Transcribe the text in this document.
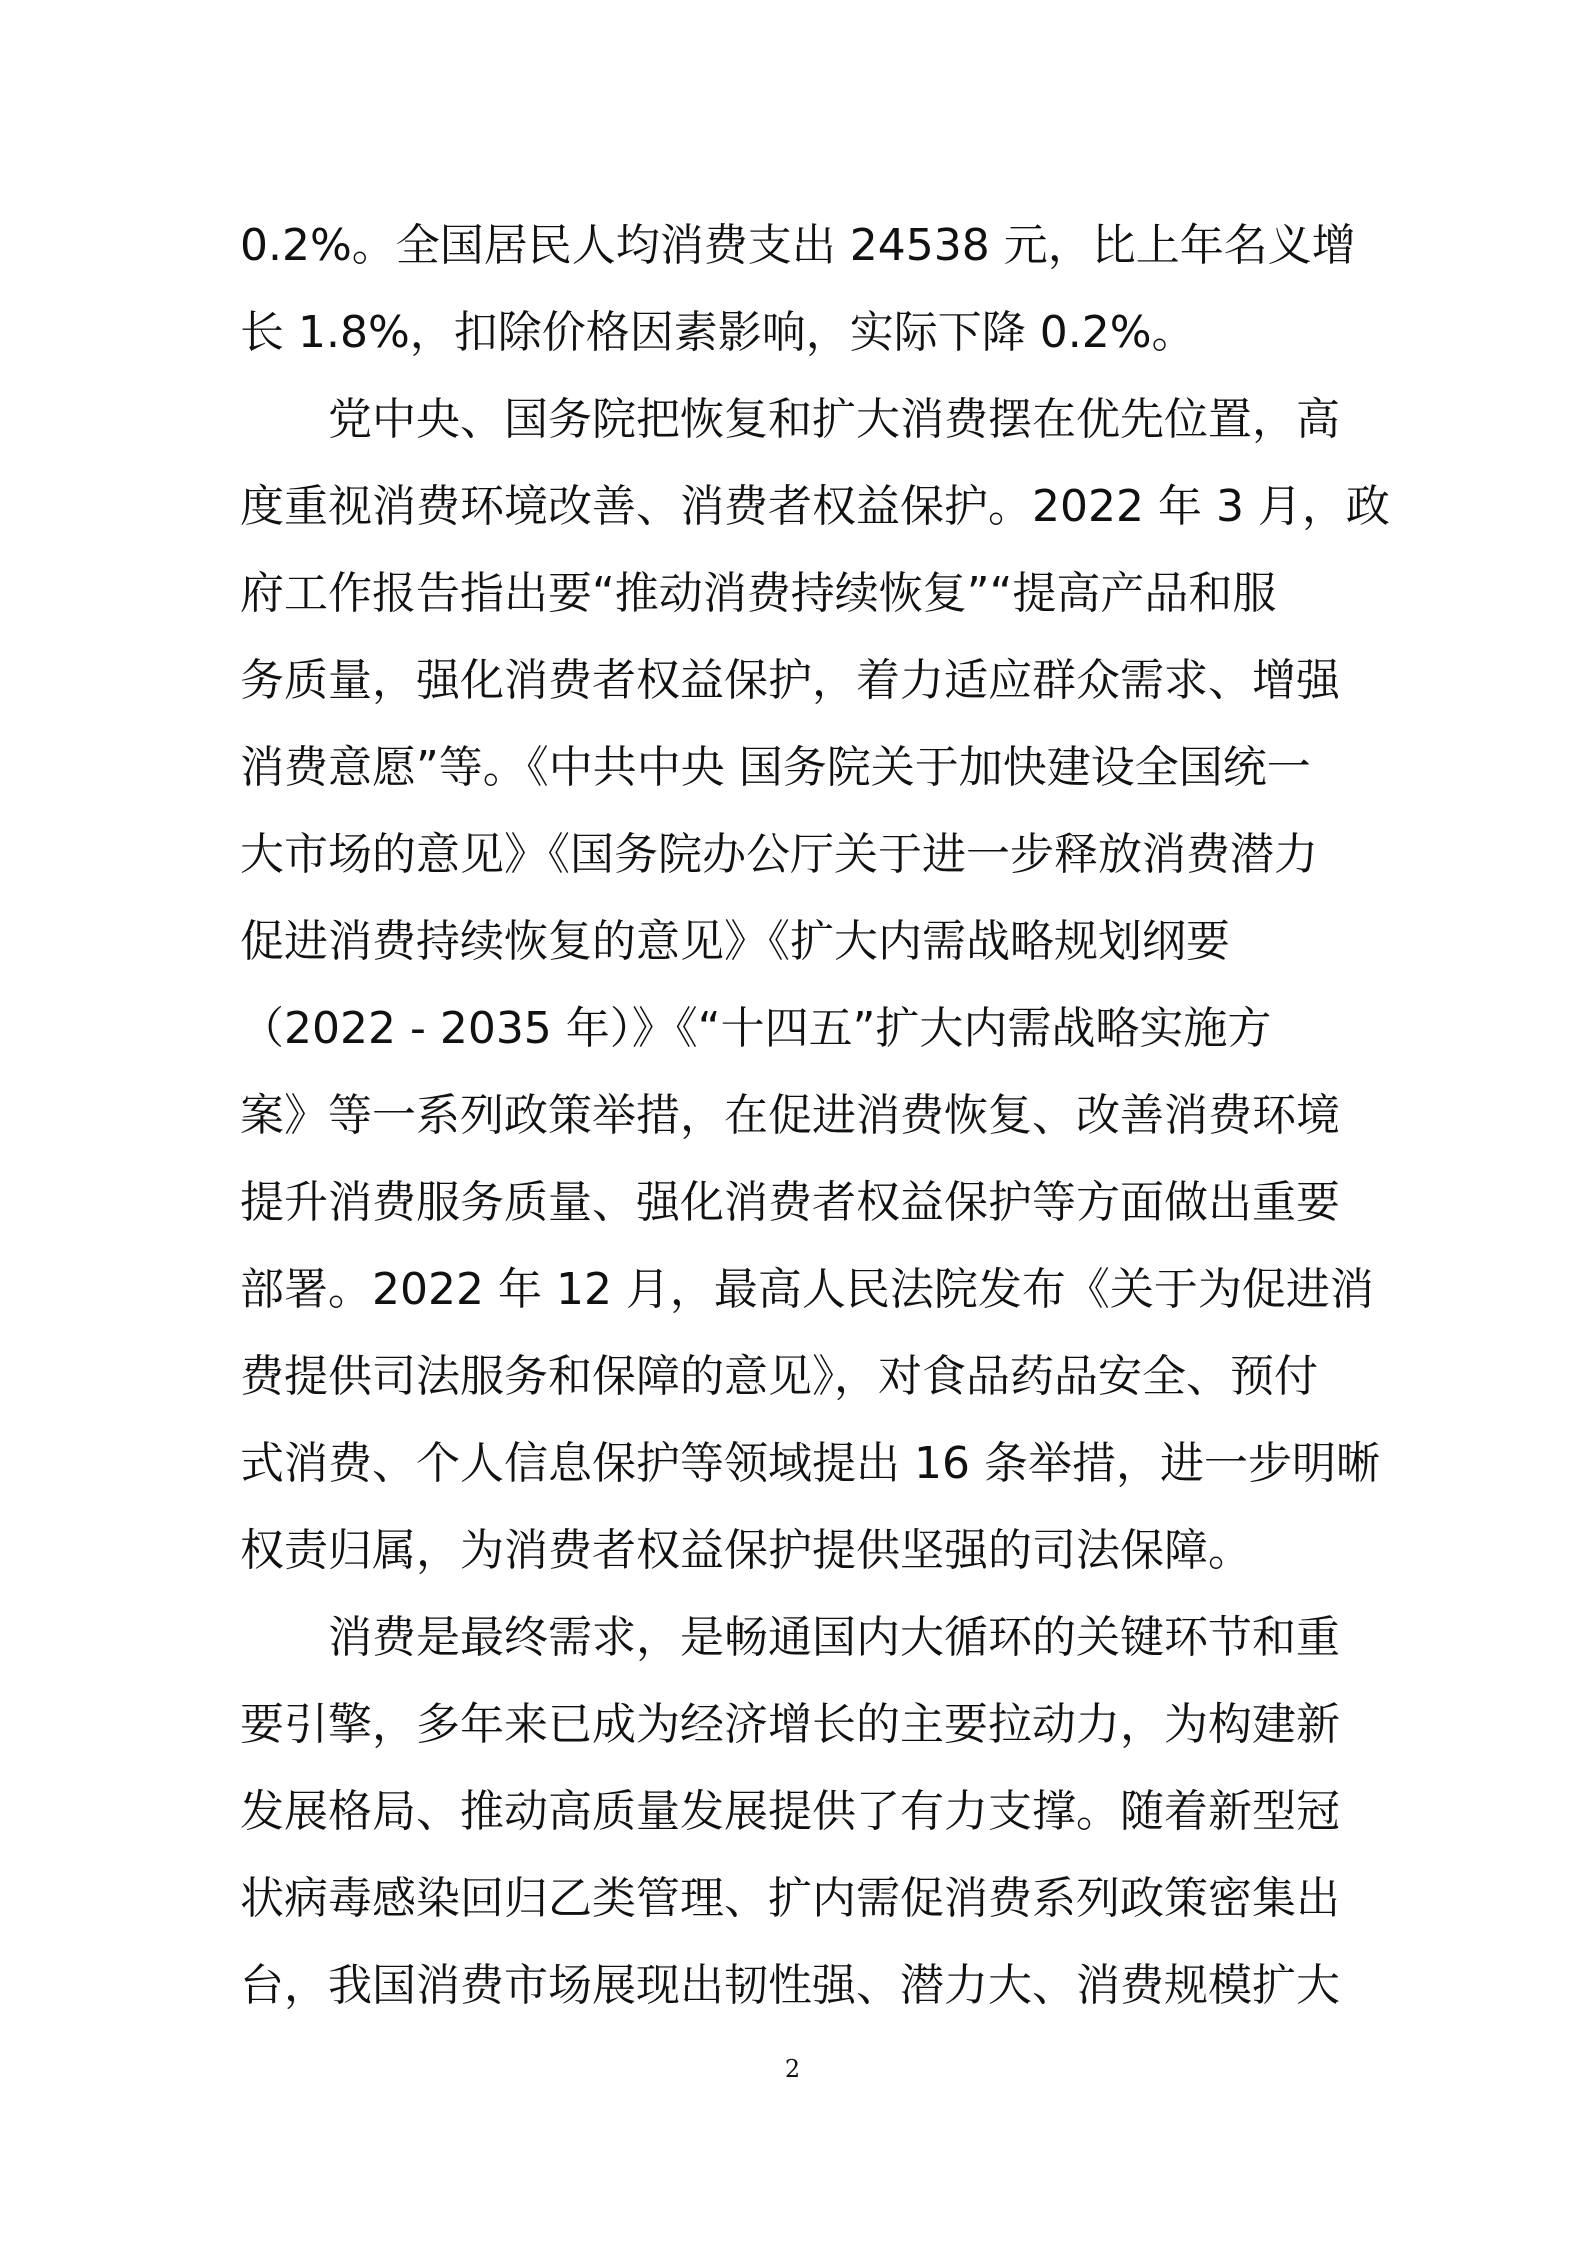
0.2%。全国居民人均消费支出 24538 元，比上年名义增
长 1.8%，扣除价格因素影响，实际下降 0.2%。
党中央、国务院把恢复和扩大消费摆在优先位置，高
度重视消费环境改善、消费者权益保护。2022 年 3 月，政
府工作报告指出要“推动消费持续恢复”“提高产品和服
务质量，强化消费者权益保护，着力适应群众需求、增强
消费意愿”等。《中共中央 国务院关于加快建设全国统一
大市场的意见》《国务院办公厅关于进一步释放消费潜力
促进消费持续恢复的意见》《扩大内需战略规划纲要
（2022 - 2035 年）》《“十四五”扩大内需战略实施方
案》等一系列政策举措，在促进消费恢复、改善消费环境
提升消费服务质量、强化消费者权益保护等方面做出重要
部署。2022 年 12 月，最高人民法院发布《关于为促进消
费提供司法服务和保障的意见》，对食品药品安全、预付
式消费、个人信息保护等领域提出 16 条举措，进一步明晰
权责归属，为消费者权益保护提供坚强的司法保障。
消费是最终需求，是畅通国内大循环的关键环节和重
要引擎，多年来已成为经济增长的主要拉动力，为构建新
发展格局、推动高质量发展提供了有力支撑。随着新型冠
状病毒感染回归乙类管理、扩内需促消费系列政策密集出
台，我国消费市场展现出韧性强、潜力大、消费规模扩大
2
